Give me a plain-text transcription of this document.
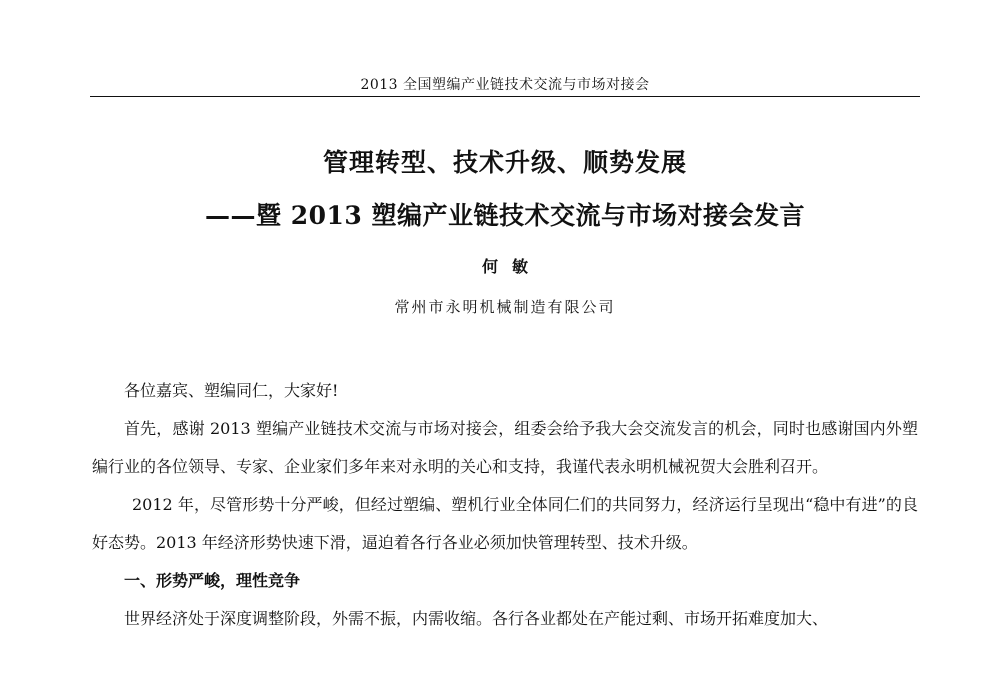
2013 全国塑编产业链技术交流与市场对接会
管理转型、技术升级、顺势发展
——暨 2013 塑编产业链技术交流与市场对接会发言
何敏
常州市永明机械制造有限公司

各位嘉宾、塑编同仁，大家好!

首先，感谢 2013 塑编产业链技术交流与市场对接会，组委会给予我大会交流发言的机会，同时也感谢国内外塑编行业的各位领导、专家、企业家们多年来对永明的关心和支持，我谨代表永明机械祝贺大会胜利召开。

2012 年，尽管形势十分严峻，但经过塑编、塑机行业全体同仁们的共同努力，经济运行呈现出“稳中有进”的良好态势。2013 年经济形势快速下滑，逼迫着各行各业必须加快管理转型、技术升级。

一、形势严峻，理性竞争

世界经济处于深度调整阶段，外需不振，内需收缩。各行各业都处在产能过剩、市场开拓难度加大、
